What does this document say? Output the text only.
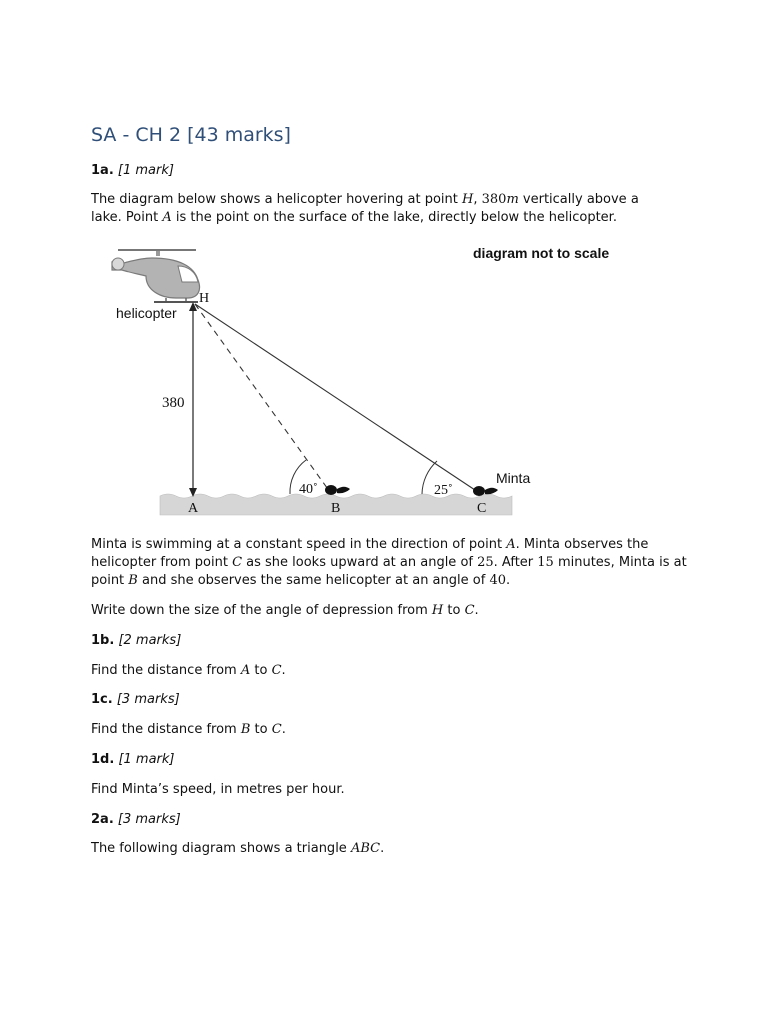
SA - CH 2 [43 marks]
1a. [1 mark]
The diagram below shows a helicopter hovering at point H, 380m vertically above a
lake. Point A is the point on the surface of the lake, directly below the helicopter.
diagram not to scale
helicopter
H
380
A	B	C
40˚	25˚
Minta
Minta is swimming at a constant speed in the direction of point A. Minta observes the
helicopter from point C as she looks upward at an angle of 25. After 15 minutes, Minta is at
point B and she observes the same helicopter at an angle of 40.
Write down the size of the angle of depression from H to C.
1b. [2 marks]
Find the distance from A to C.
1c. [3 marks]
Find the distance from B to C.
1d. [1 mark]
Find Minta’s speed, in metres per hour.
2a. [3 marks]
The following diagram shows a triangle ABC.
